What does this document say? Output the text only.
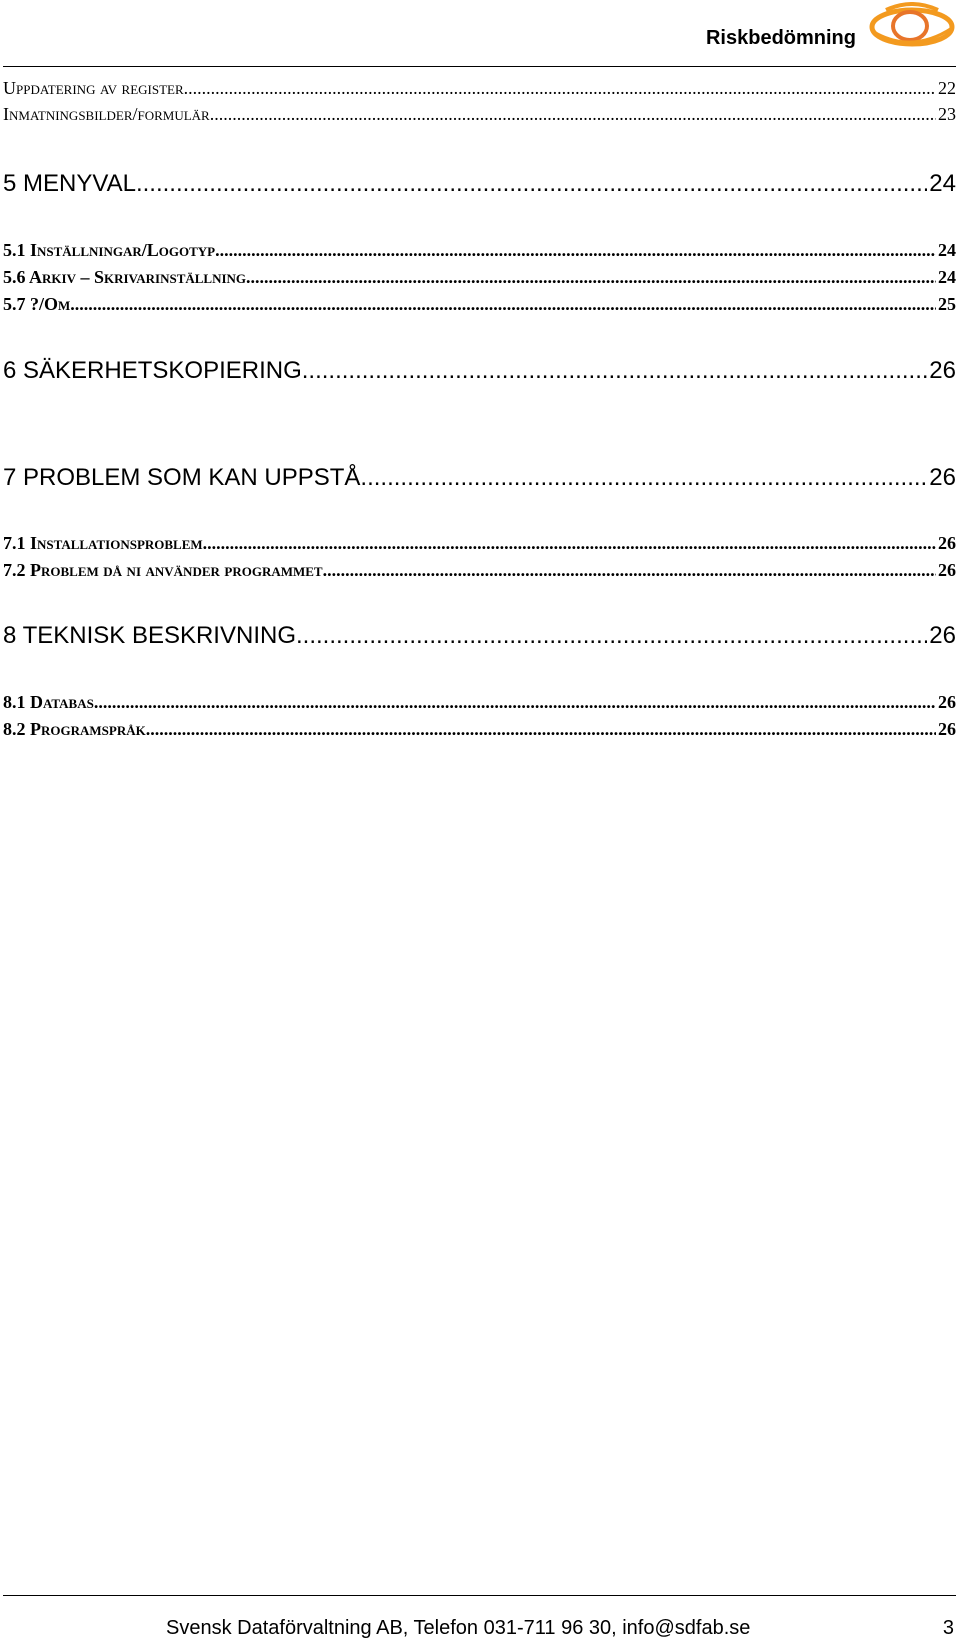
Riskbedömning
Uppdatering av register .....	22
Inmatningsbilder/formulär .....	23
5 MENYVAL .....	24
5.1 Inställningar/Logotyp .....	24
5.6 Arkiv – Skrivarinställning .....	24
5.7 ?/Om .....	25
6 SÄKERHETSKOPIERING .....	26
7 PROBLEM SOM KAN UPPSTÅ .....	26
7.1 Installationsproblem .....	26
7.2 Problem då ni använder programmet .....	26
8 TEKNISK BESKRIVNING .....	26
8.1 Databas .....	26
8.2 Programspråk .....	26
Svensk Dataförvaltning AB, Telefon 031-711 96 30, info@sdfab.se	3
